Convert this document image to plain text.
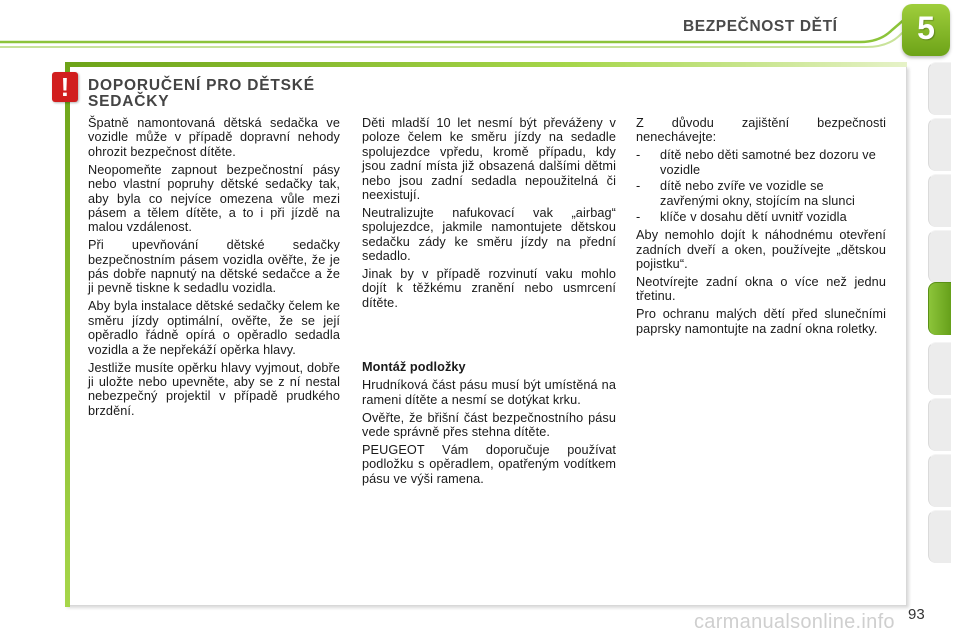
BEZPEČNOST DĚTÍ	5
!	DOPORUČENÍ PRO DĚTSKÉ SEDAČKY

Špatně namontovaná dětská sedačka ve vozidle může v případě dopravní nehody ohrozit bezpečnost dítěte.

Neopomeňte zapnout bezpečnostní pásy nebo vlastní popruhy dětské sedačky tak, aby byla co nejvíce omezena vůle mezi pásem a tělem dítěte, a to i při jízdě na malou vzdálenost.

Při upevňování dětské sedačky bezpečnostním pásem vozidla ověřte, že je pás dobře napnutý na dětské sedačce a že ji pevně tiskne k sedadlu vozidla.

Aby byla instalace dětské sedačky čelem ke směru jízdy optimální, ověřte, že se její opěradlo řádně opírá o opěradlo sedadla vozidla a že nepřekáží opěrka hlavy.

Jestliže musíte opěrku hlavy vyjmout, dobře ji uložte nebo upevněte, aby se z ní nestal nebezpečný projektil v případě prudkého brzdění.

Děti mladší 10 let nesmí být převáženy v poloze čelem ke směru jízdy na sedadle spolujezdce vpředu, kromě případu, kdy jsou zadní místa již obsazená dalšími dětmi nebo jsou zadní sedadla nepoužitelná či neexistují.

Neutralizujte nafukovací vak „airbag“ spolujezdce, jakmile namontujete dětskou sedačku zády ke směru jízdy na přední sedadlo.

Jinak by v případě rozvinutí vaku mohlo dojít k těžkému zranění nebo usmrcení dítěte.

Montáž podložky

Hrudníková část pásu musí být umístěná na rameni dítěte a nesmí se dotýkat krku.

Ověřte, že břišní část bezpečnostního pásu vede správně přes stehna dítěte.

PEUGEOT Vám doporučuje používat podložku s opěradlem, opatřeným vodítkem pásu ve výši ramena.

Z důvodu zajištění bezpečnosti nenechávejte:

- dítě nebo děti samotné bez dozoru ve vozidle
- dítě nebo zvíře ve vozidle se zavřenými okny, stojícím na slunci
- klíče v dosahu dětí uvnitř vozidla

Aby nemohlo dojít k náhodnému otevření zadních dveří a oken, používejte „dětskou pojistku“.

Neotvírejte zadní okna o více než jednu třetinu.

Pro ochranu malých dětí před slunečními paprsky namontujte na zadní okna roletky.

carmanualsonline.info 93
